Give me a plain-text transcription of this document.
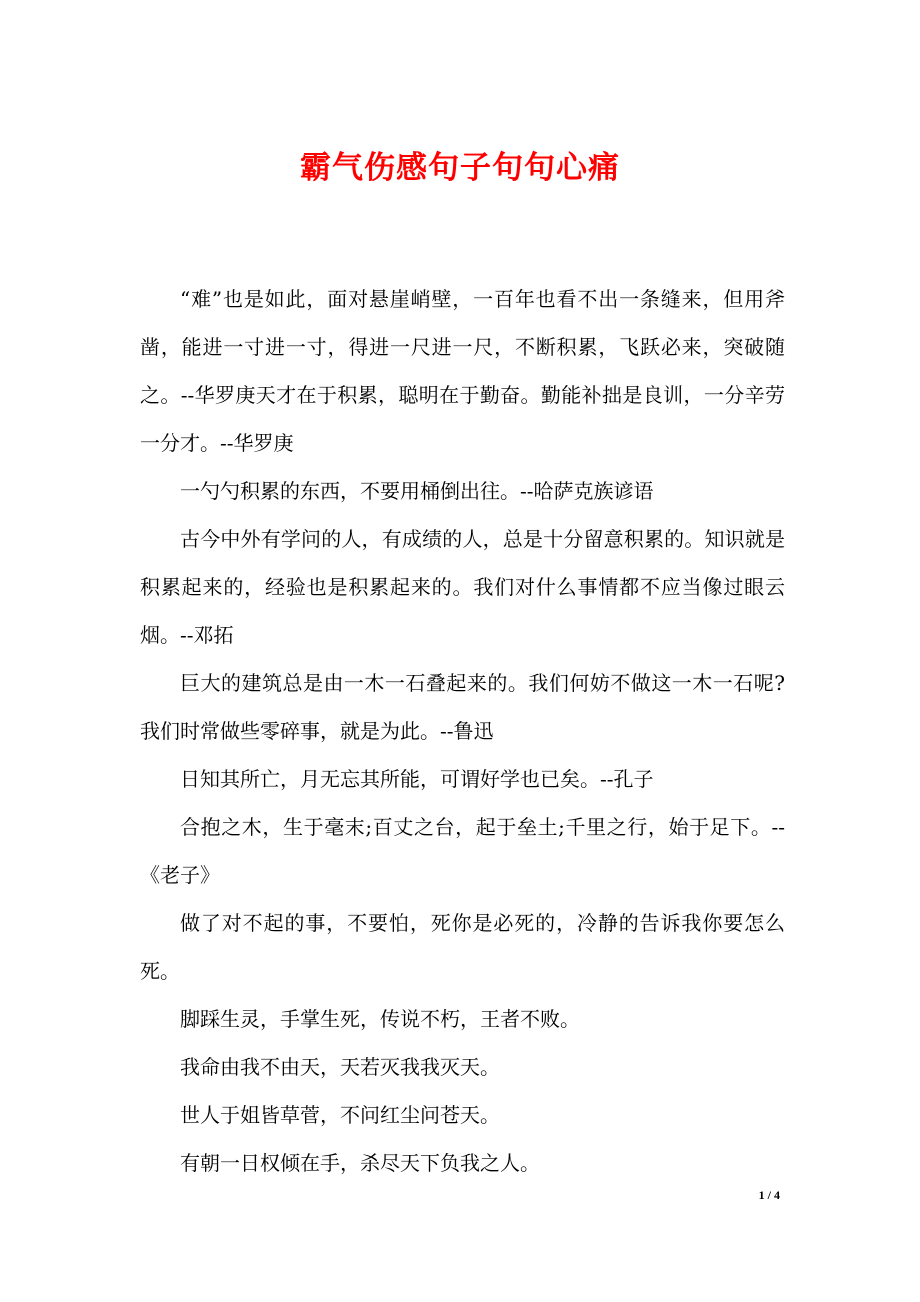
霸气伤感句子句句心痛

“难”也是如此，面对悬崖峭壁，一百年也看不出一条缝来，但用斧凿，能进一寸进一寸，得进一尺进一尺，不断积累，飞跃必来，突破随之。--华罗庚天才在于积累，聪明在于勤奋。勤能补拙是良训，一分辛劳一分才。--华罗庚

一勺勺积累的东西，不要用桶倒出往。--哈萨克族谚语

古今中外有学问的人，有成绩的人，总是十分留意积累的。知识就是积累起来的，经验也是积累起来的。我们对什么事情都不应当像过眼云烟。--邓拓

巨大的建筑总是由一木一石叠起来的。我们何妨不做这一木一石呢?我们时常做些零碎事，就是为此。--鲁迅

日知其所亡，月无忘其所能，可谓好学也已矣。--孔子

合抱之木，生于毫末;百丈之台，起于垒土;千里之行，始于足下。--《老子》

做了对不起的事，不要怕，死你是必死的，冷静的告诉我你要怎么死。

脚踩生灵，手掌生死，传说不朽，王者不败。

我命由我不由天，天若灭我我灭天。

世人于姐皆草菅，不问红尘问苍天。

有朝一日权倾在手，杀尽天下负我之人。

1 / 4
